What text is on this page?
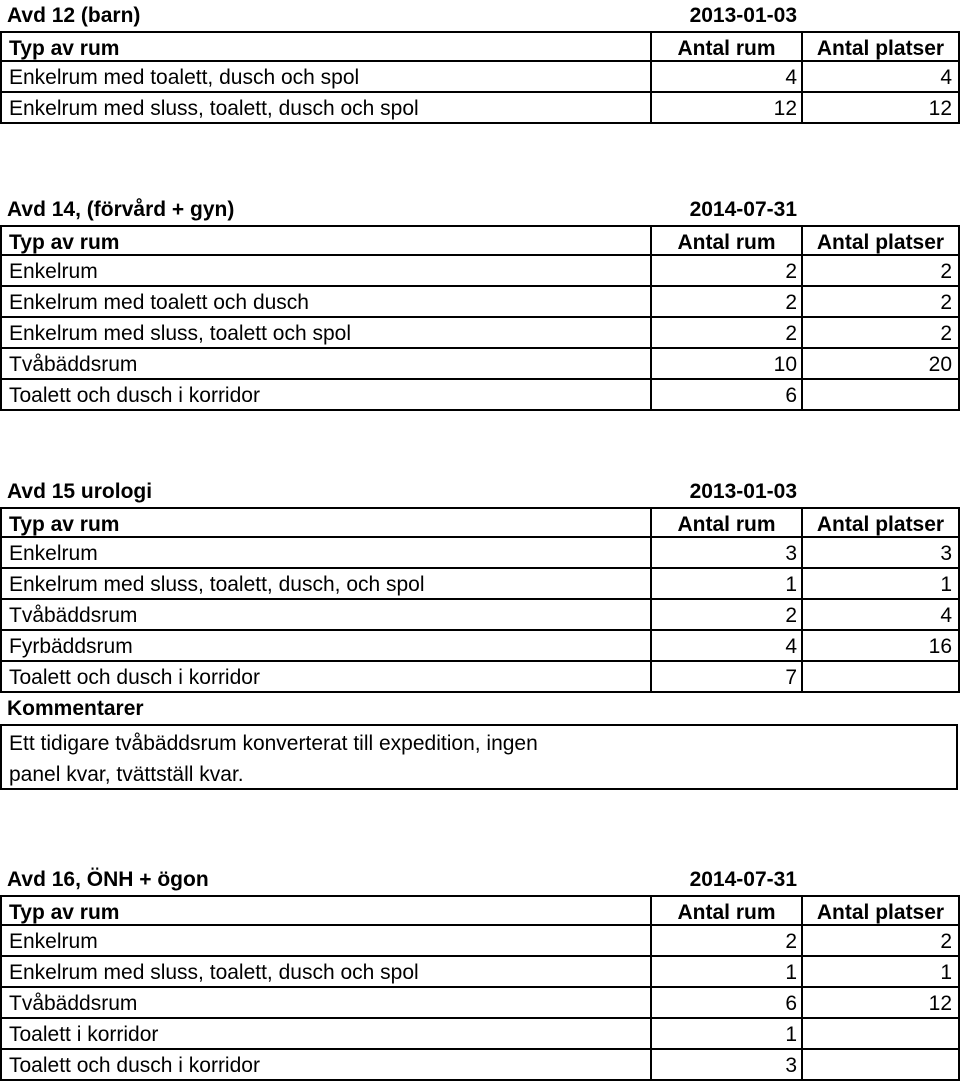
Avd 12 (barn)	2013-01-03
Typ av rum	Antal rum	Antal platser
Enkelrum med toalett, dusch och spol	4	4
Enkelrum med sluss, toalett, dusch och spol	12	12
Avd 14, (förvård + gyn)	2014-07-31
Typ av rum	Antal rum	Antal platser
Enkelrum	2	2
Enkelrum med toalett och dusch	2	2
Enkelrum med sluss, toalett och spol	2	2
Tvåbäddsrum	10	20
Toalett och dusch i korridor	6
Avd 15 urologi	2013-01-03
Typ av rum	Antal rum	Antal platser
Enkelrum	3	3
Enkelrum med sluss, toalett, dusch, och spol	1	1
Tvåbäddsrum	2	4
Fyrbäddsrum	4	16
Toalett och dusch i korridor	7
Kommentarer
Ett tidigare tvåbäddsrum konverterat till expedition, ingen
panel kvar, tvättställ kvar.
Avd 16, ÖNH + ögon	2014-07-31
Typ av rum	Antal rum	Antal platser
Enkelrum	2	2
Enkelrum med sluss, toalett, dusch och spol	1	1
Tvåbäddsrum	6	12
Toalett i korridor	1
Toalett och dusch i korridor	3
